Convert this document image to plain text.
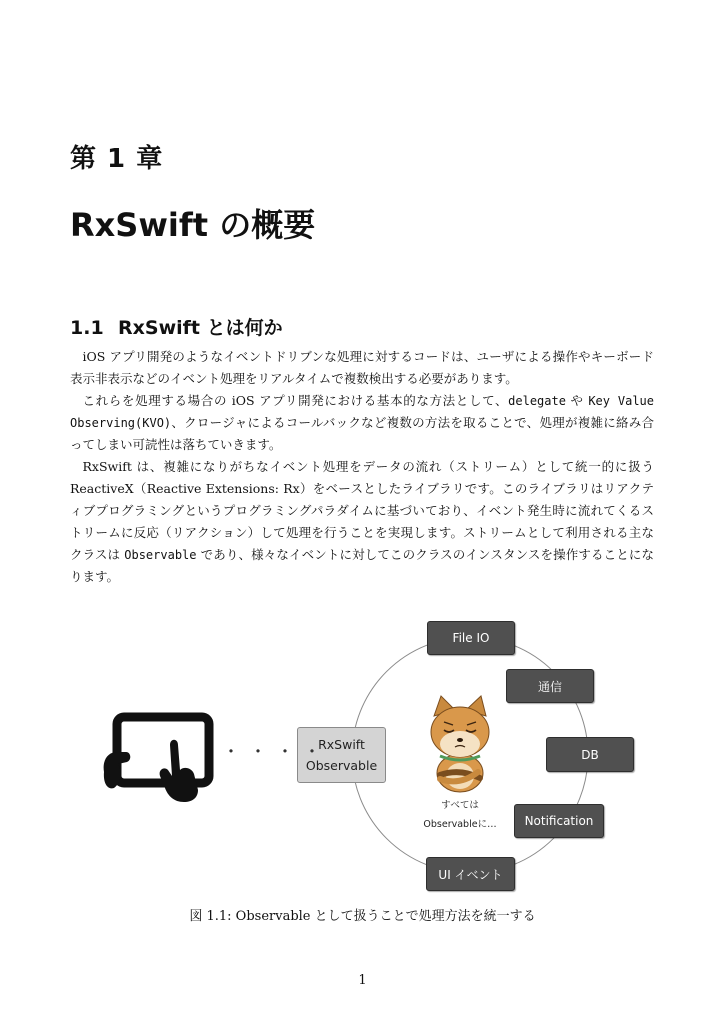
第 1 章
RxSwift の概要
1.1 RxSwift とは何か

iOS アプリ開発のようなイベントドリブンな処理に対するコードは、ユーザによる操作やキーボード表示非表示などのイベント処理をリアルタイムで複数検出する必要があります。

これらを処理する場合の iOS アプリ開発における基本的な方法として、delegate や Key Value Observing(KVO)、クロージャによるコールバックなど複数の方法を取ることで、処理が複雑に絡み合ってしまい可読性は落ちていきます。

RxSwift は、複雑になりがちなイベント処理をデータの流れ（ストリーム）として統一的に扱う ReactiveX（Reactive Extensions: Rx）をベースとしたライブラリです。このライブラリはリアクティブプログラミングというプログラミングパラダイムに基づいており、イベント発生時に流れてくるストリームに反応（リアクション）して処理を行うことを実現します。ストリームとして利用される主なクラスは Observable であり、様々なイベントに対してこのクラスのインスタンスを操作することになります。

File IO
通信
DB
Notification
UI イベント
RxSwift
Observable
・・・・
すべては
Observableに…
図 1.1: Observable として扱うことで処理方法を統一する
1
